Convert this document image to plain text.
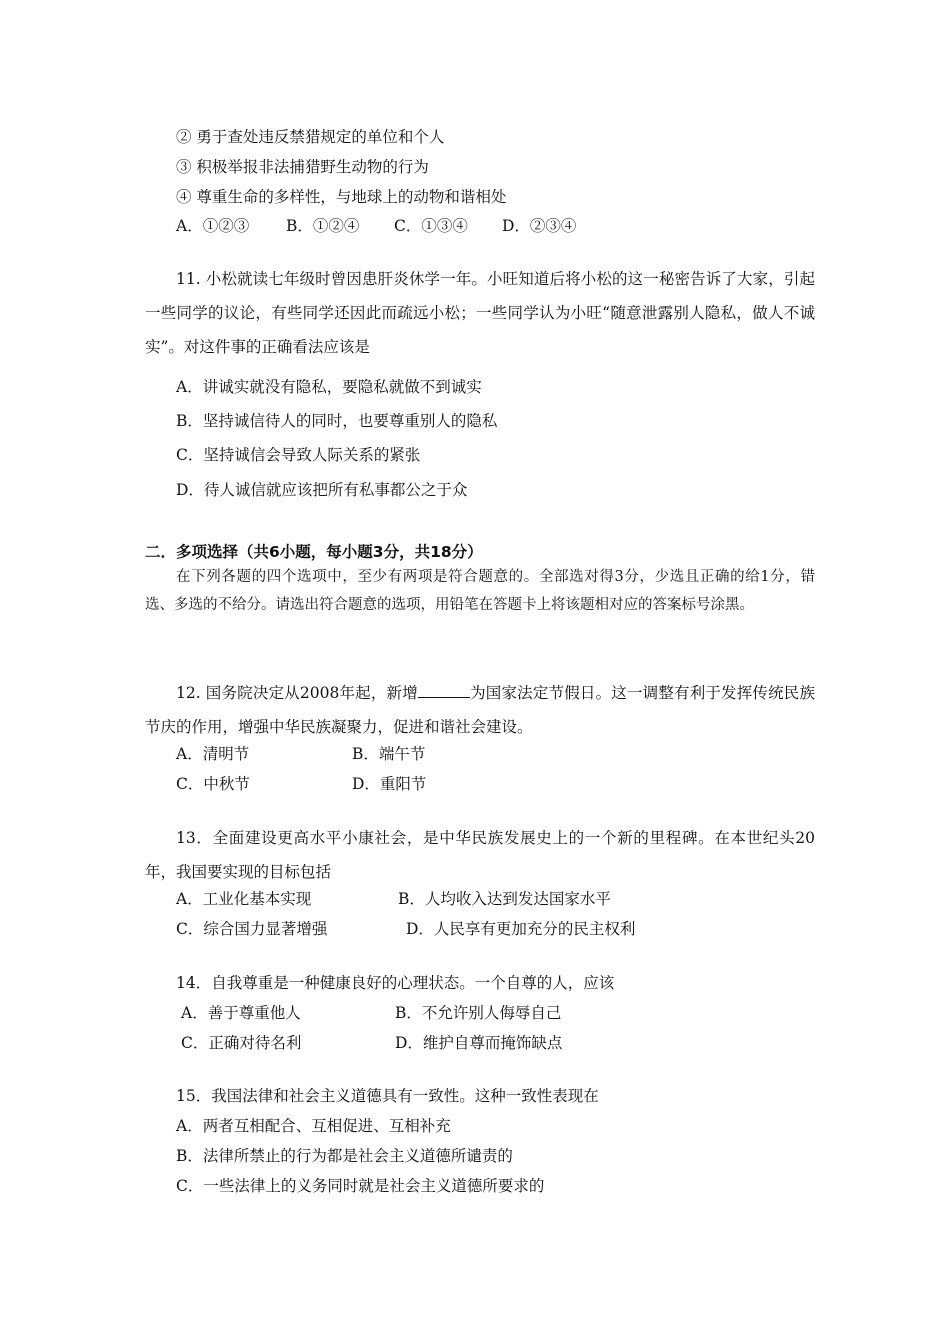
② 勇于查处违反禁猎规定的单位和个人
③ 积极举报非法捕猎野生动物的行为
④ 尊重生命的多样性，与地球上的动物和谐相处
A．①②③ B．①②④ C．①③④ D．②③④
11. 小松就读七年级时曾因患肝炎休学一年。小旺知道后将小松的这一秘密告诉了大家，引起一些同学的议论，有些同学还因此而疏远小松；一些同学认为小旺“随意泄露别人隐私，做人不诚实”。对这件事的正确看法应该是
A．讲诚实就没有隐私，要隐私就做不到诚实
B．坚持诚信待人的同时，也要尊重别人的隐私
C．坚持诚信会导致人际关系的紧张
D．待人诚信就应该把所有私事都公之于众
二．多项选择（共6小题，每小题3分，共18分）
在下列各题的四个选项中，至少有两项是符合题意的。全部选对得3分，少选且正确的给1分，错选、多选的不给分。请选出符合题意的选项，用铅笔在答题卡上将该题相对应的答案标号涂黑。
12. 国务院决定从2008年起，新增	为国家法定节假日。这一调整有利于发挥传统民族节庆的作用，增强中华民族凝聚力，促进和谐社会建设。
A．清明节	B．端午节
C．中秋节	D．重阳节
13．全面建设更高水平小康社会，是中华民族发展史上的一个新的里程碑。在本世纪头20年，我国要实现的目标包括
A．工业化基本实现	B．人均收入达到发达国家水平
C．综合国力显著增强	D．人民享有更加充分的民主权利
14．自我尊重是一种健康良好的心理状态。一个自尊的人，应该
A．善于尊重他人	B．不允许别人侮辱自己
C．正确对待名利	D．维护自尊而掩饰缺点
15．我国法律和社会主义道德具有一致性。这种一致性表现在
A．两者互相配合、互相促进、互相补充
B．法律所禁止的行为都是社会主义道德所谴责的
C．一些法律上的义务同时就是社会主义道德所要求的
